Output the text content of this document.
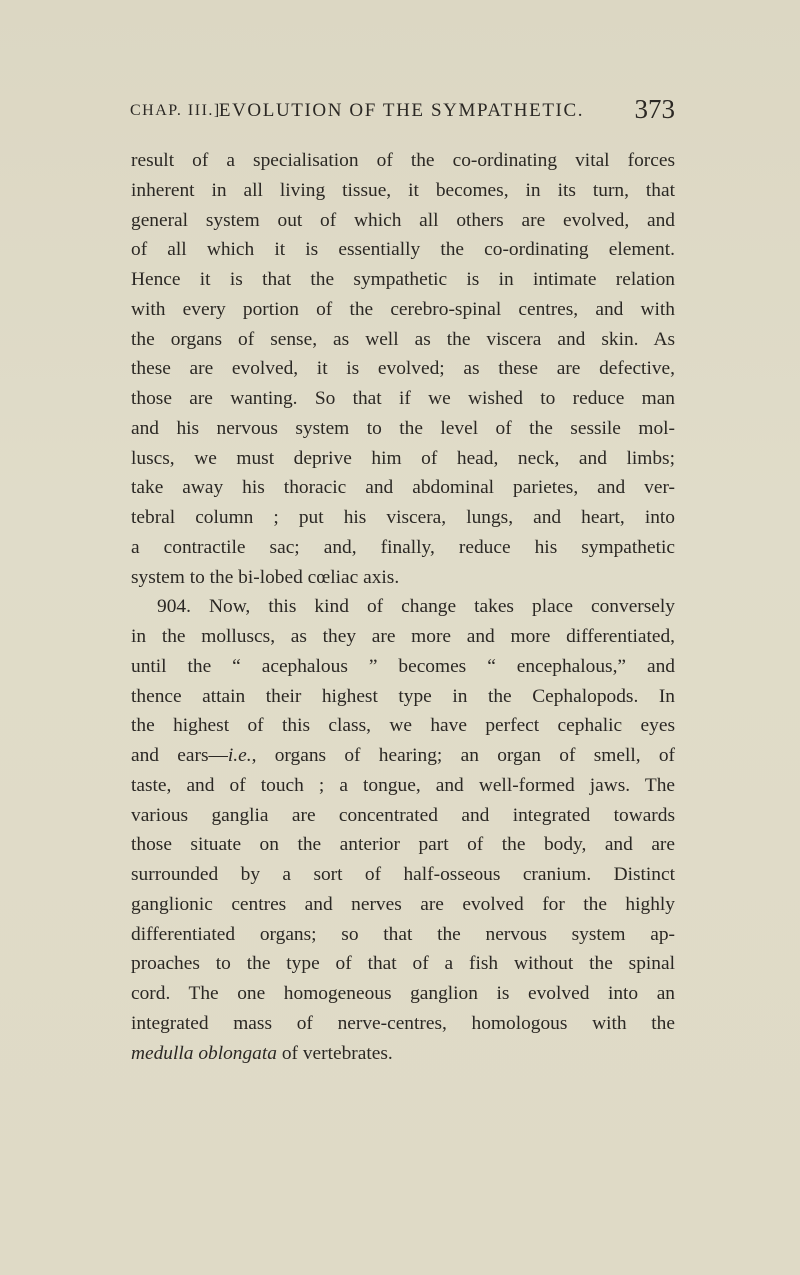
CHAP. III.]
EVOLUTION OF THE SYMPATHETIC.	373
result of a specialisation of the co-ordinating vital forces
inherent in all living tissue, it becomes, in its turn, that
general system out of which all others are evolved, and
of all which it is essentially the co-ordinating element.
Hence it is that the sympathetic is in intimate relation
with every portion of the cerebro-spinal centres, and with
the organs of sense, as well as the viscera and skin. As
these are evolved, it is evolved; as these are defective,
those are wanting. So that if we wished to reduce man
and his nervous system to the level of the sessile mol-
luscs, we must deprive him of head, neck, and limbs;
take away his thoracic and abdominal parietes, and ver-
tebral column ; put his viscera, lungs, and heart, into
a contractile sac; and, finally, reduce his sympathetic
system to the bi-lobed cœliac axis.
904. Now, this kind of change takes place conversely
in the molluscs, as they are more and more differentiated,
until the “ acephalous ” becomes “ encephalous,” and
thence attain their highest type in the Cephalopods. In
the highest of this class, we have perfect cephalic eyes
and ears—i.e., organs of hearing; an organ of smell, of
taste, and of touch ; a tongue, and well-formed jaws. The
various ganglia are concentrated and integrated towards
those situate on the anterior part of the body, and are
surrounded by a sort of half-osseous cranium. Distinct
ganglionic centres and nerves are evolved for the highly
differentiated organs; so that the nervous system ap-
proaches to the type of that of a fish without the spinal
cord. The one homogeneous ganglion is evolved into an
integrated mass of nerve-centres, homologous with the
medulla oblongata of vertebrates.
